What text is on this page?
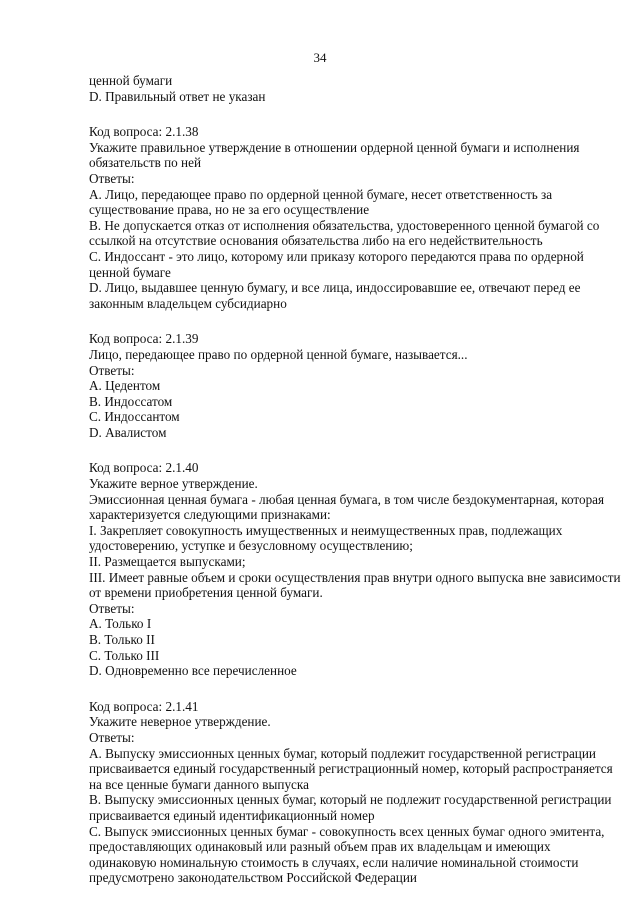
34
ценной бумаги
D. Правильный ответ не указан
Код вопроса: 2.1.38
Укажите правильное утверждение в отношении ордерной ценной бумаги и исполнения
обязательств по ней
Ответы:
А. Лицо, передающее право по ордерной ценной бумаге, несет ответственность за
существование права, но не за его осуществление
В. Не допускается отказ от исполнения обязательства, удостоверенного ценной бумагой со
ссылкой на отсутствие основания обязательства либо на его недействительность
С. Индоссант - это лицо, которому или приказу которого передаются права по ордерной
ценной бумаге
D. Лицо, выдавшее ценную бумагу, и все лица, индоссировавшие ее, отвечают перед ее
законным владельцем субсидиарно
Код вопроса: 2.1.39
Лицо, передающее право по ордерной ценной бумаге, называется...
Ответы:
А. Цедентом
В. Индоссатом
С. Индоссантом
D. Авалистом
Код вопроса: 2.1.40
Укажите верное утверждение.
Эмиссионная ценная бумага - любая ценная бумага, в том числе бездокументарная, которая
характеризуется следующими признаками:
I. Закрепляет совокупность имущественных и неимущественных прав, подлежащих
удостоверению, уступке и безусловному осуществлению;
II. Размещается выпусками;
III. Имеет равные объем и сроки осуществления прав внутри одного выпуска вне зависимости
от времени приобретения ценной бумаги.
Ответы:
А. Только I
В. Только II
С. Только III
D. Одновременно все перечисленное
Код вопроса: 2.1.41
Укажите неверное утверждение.
Ответы:
А. Выпуску эмиссионных ценных бумаг, который подлежит государственной регистрации
присваивается единый государственный регистрационный номер, который распространяется
на все ценные бумаги данного выпуска
В. Выпуску эмиссионных ценных бумаг, который не подлежит государственной регистрации
присваивается единый идентификационный номер
С. Выпуск эмиссионных ценных бумаг - совокупность всех ценных бумаг одного эмитента,
предоставляющих одинаковый или разный объем прав их владельцам и имеющих
одинаковую номинальную стоимость в случаях, если наличие номинальной стоимости
предусмотрено законодательством Российской Федерации
